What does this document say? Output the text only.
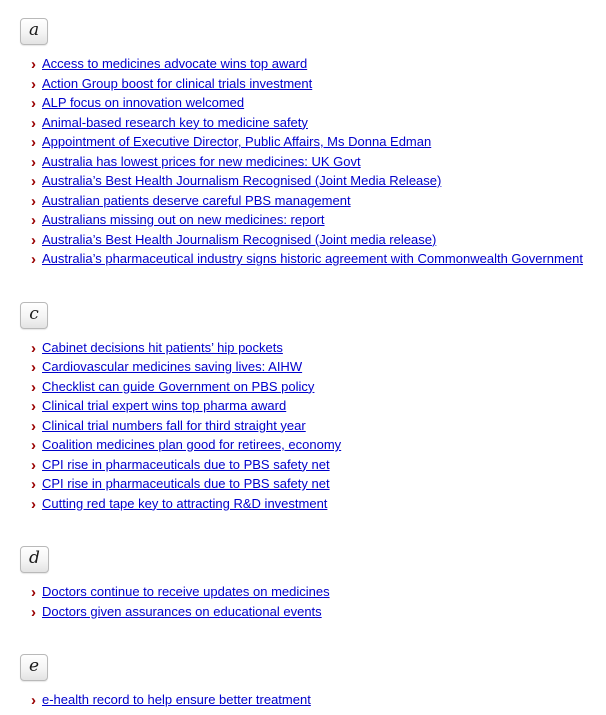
a
› Access to medicines advocate wins top award
› Action Group boost for clinical trials investment
› ALP focus on innovation welcomed
› Animal-based research key to medicine safety
› Appointment of Executive Director, Public Affairs, Ms Donna Edman
› Australia has lowest prices for new medicines: UK Govt
› Australia’s Best Health Journalism Recognised (Joint Media Release)
› Australian patients deserve careful PBS management
› Australians missing out on new medicines: report
› Australia’s Best Health Journalism Recognised (Joint media release)
› Australia’s pharmaceutical industry signs historic agreement with Commonwealth Government
c
› Cabinet decisions hit patients’ hip pockets
› Cardiovascular medicines saving lives: AIHW
› Checklist can guide Government on PBS policy
› Clinical trial expert wins top pharma award
› Clinical trial numbers fall for third straight year
› Coalition medicines plan good for retirees, economy
› CPI rise in pharmaceuticals due to PBS safety net
› CPI rise in pharmaceuticals due to PBS safety net
› Cutting red tape key to attracting R&D investment
d
› Doctors continue to receive updates on medicines
› Doctors given assurances on educational events
e
› e-health record to help ensure better treatment
